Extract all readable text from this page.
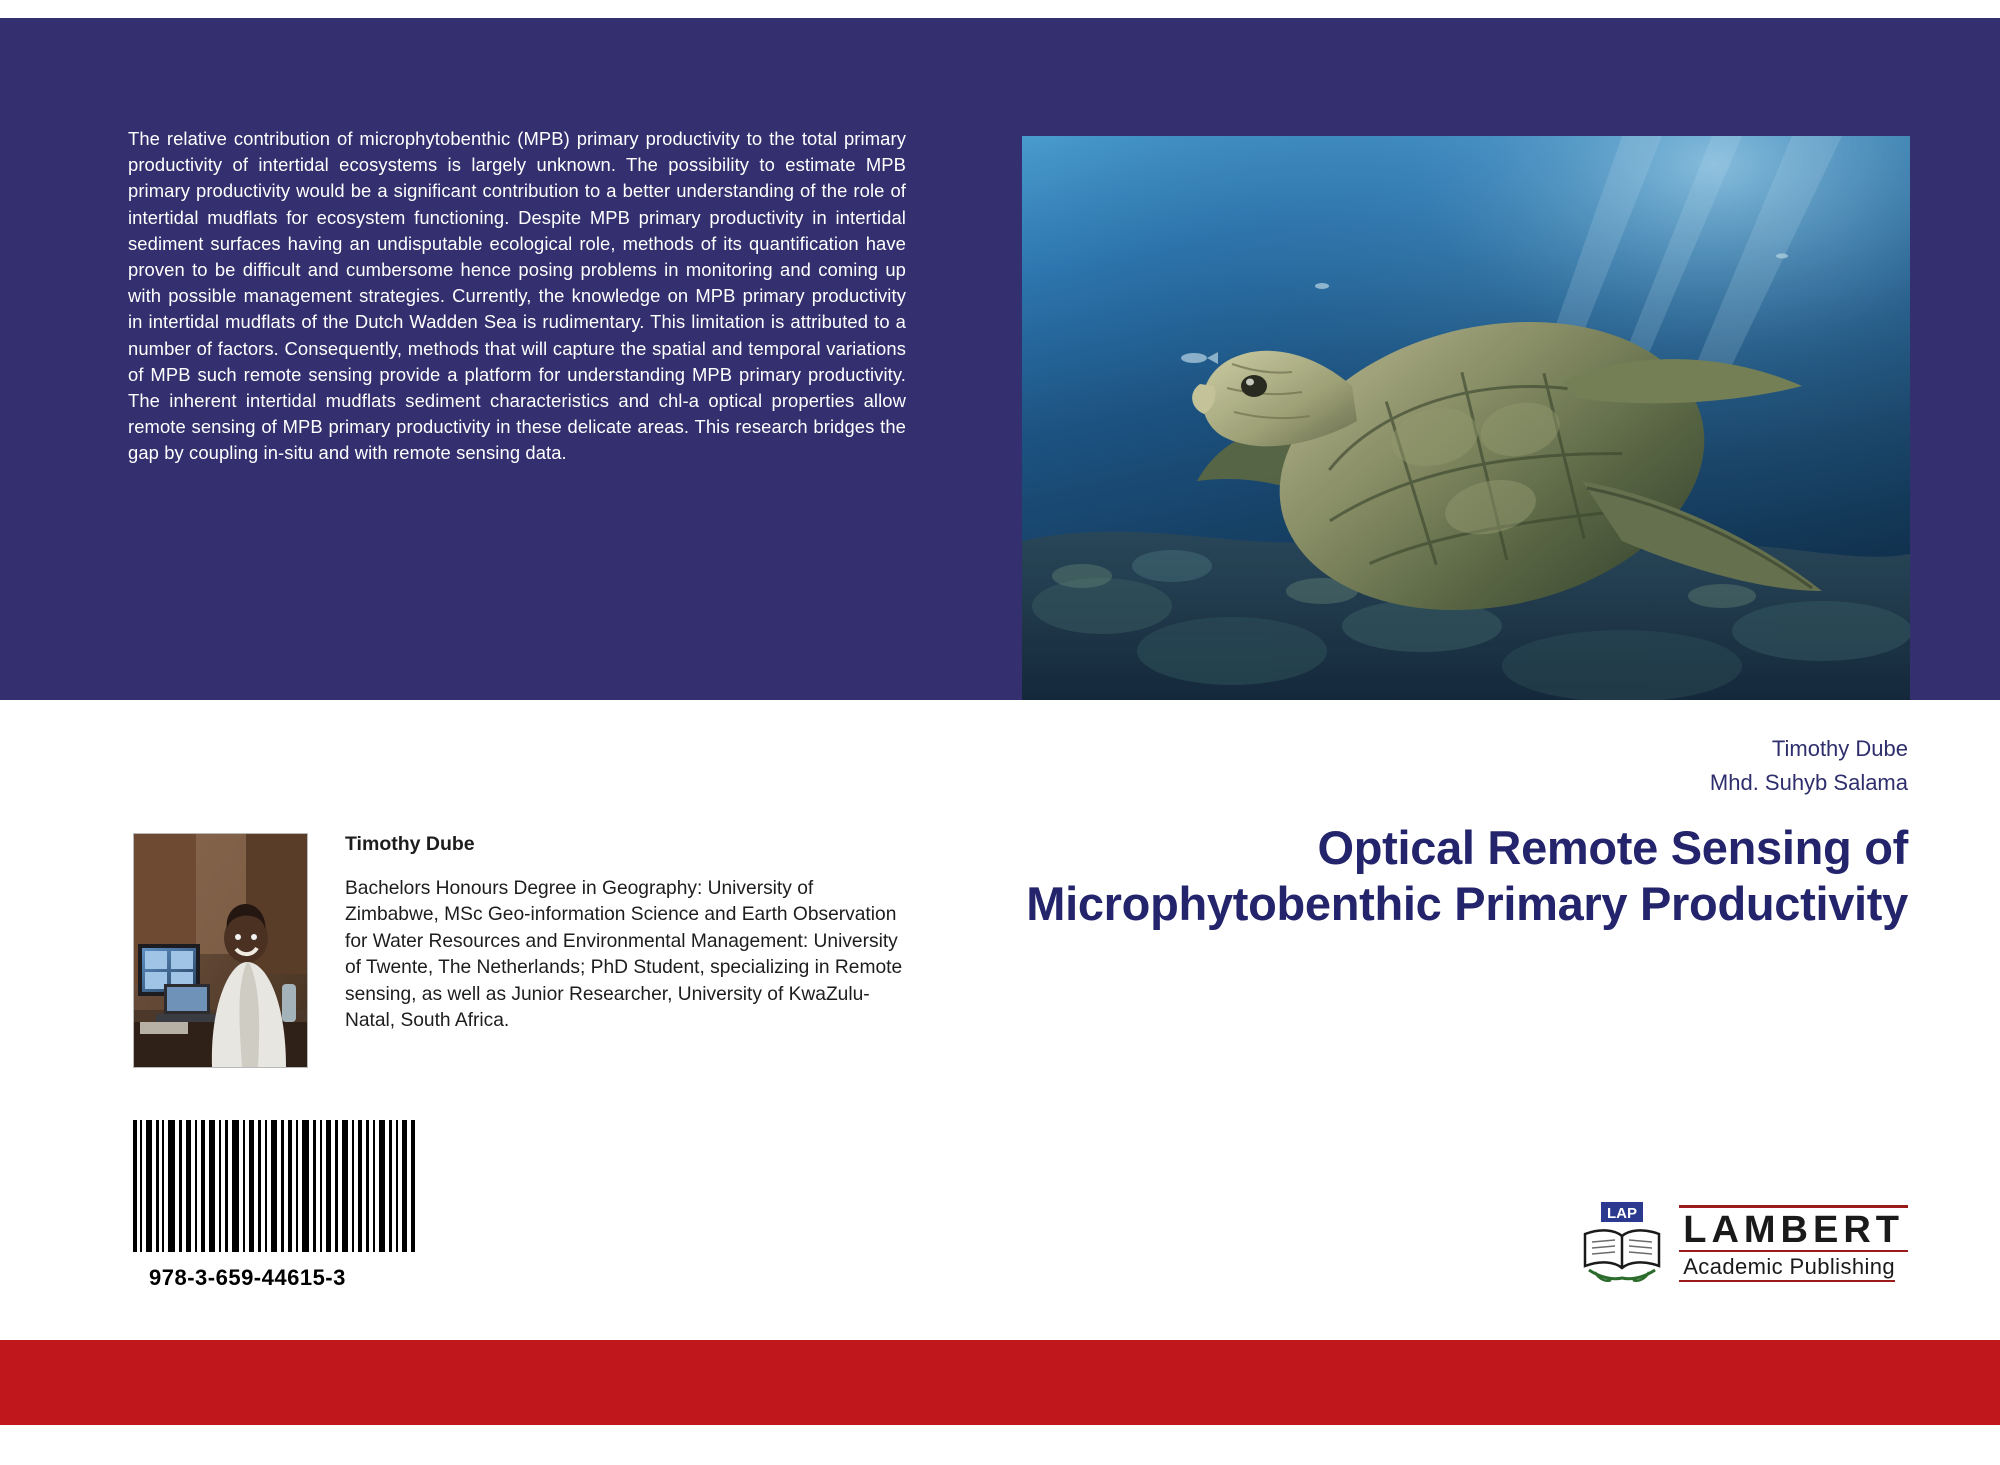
The relative contribution of microphytobenthic (MPB) primary productivity to the total primary productivity of intertidal ecosystems is largely unknown. The possibility to estimate MPB primary productivity would be a significant contribution to a better understanding of the role of intertidal mudflats for ecosystem functioning. Despite MPB primary productivity in intertidal sediment surfaces having an undisputable ecological role, methods of its quantification have proven to be difficult and cumbersome hence posing problems in monitoring and coming up with possible management strategies. Currently, the knowledge on MPB primary productivity in intertidal mudflats of the Dutch Wadden Sea is rudimentary. This limitation is attributed to a number of factors. Consequently, methods that will capture the spatial and temporal variations of MPB such remote sensing provide a platform for understanding MPB primary productivity. The inherent intertidal mudflats sediment characteristics and chl-a optical properties allow remote sensing of MPB primary productivity in these delicate areas. This research bridges the gap by coupling in-situ and with remote sensing data.
Timothy Dube
Mhd. Suhyb Salama
Optical Remote Sensing of Microphytobenthic Primary Productivity
Timothy Dube
Bachelors Honours Degree in Geography: University of Zimbabwe, MSc Geo-information Science and Earth Observation for Water Resources and Environmental Management: University of Twente, The Netherlands; PhD Student, specializing in Remote sensing, as well as Junior Researcher, University of KwaZulu-Natal, South Africa.
978-3-659-44615-3
LAP LAMBERT
Academic Publishing
